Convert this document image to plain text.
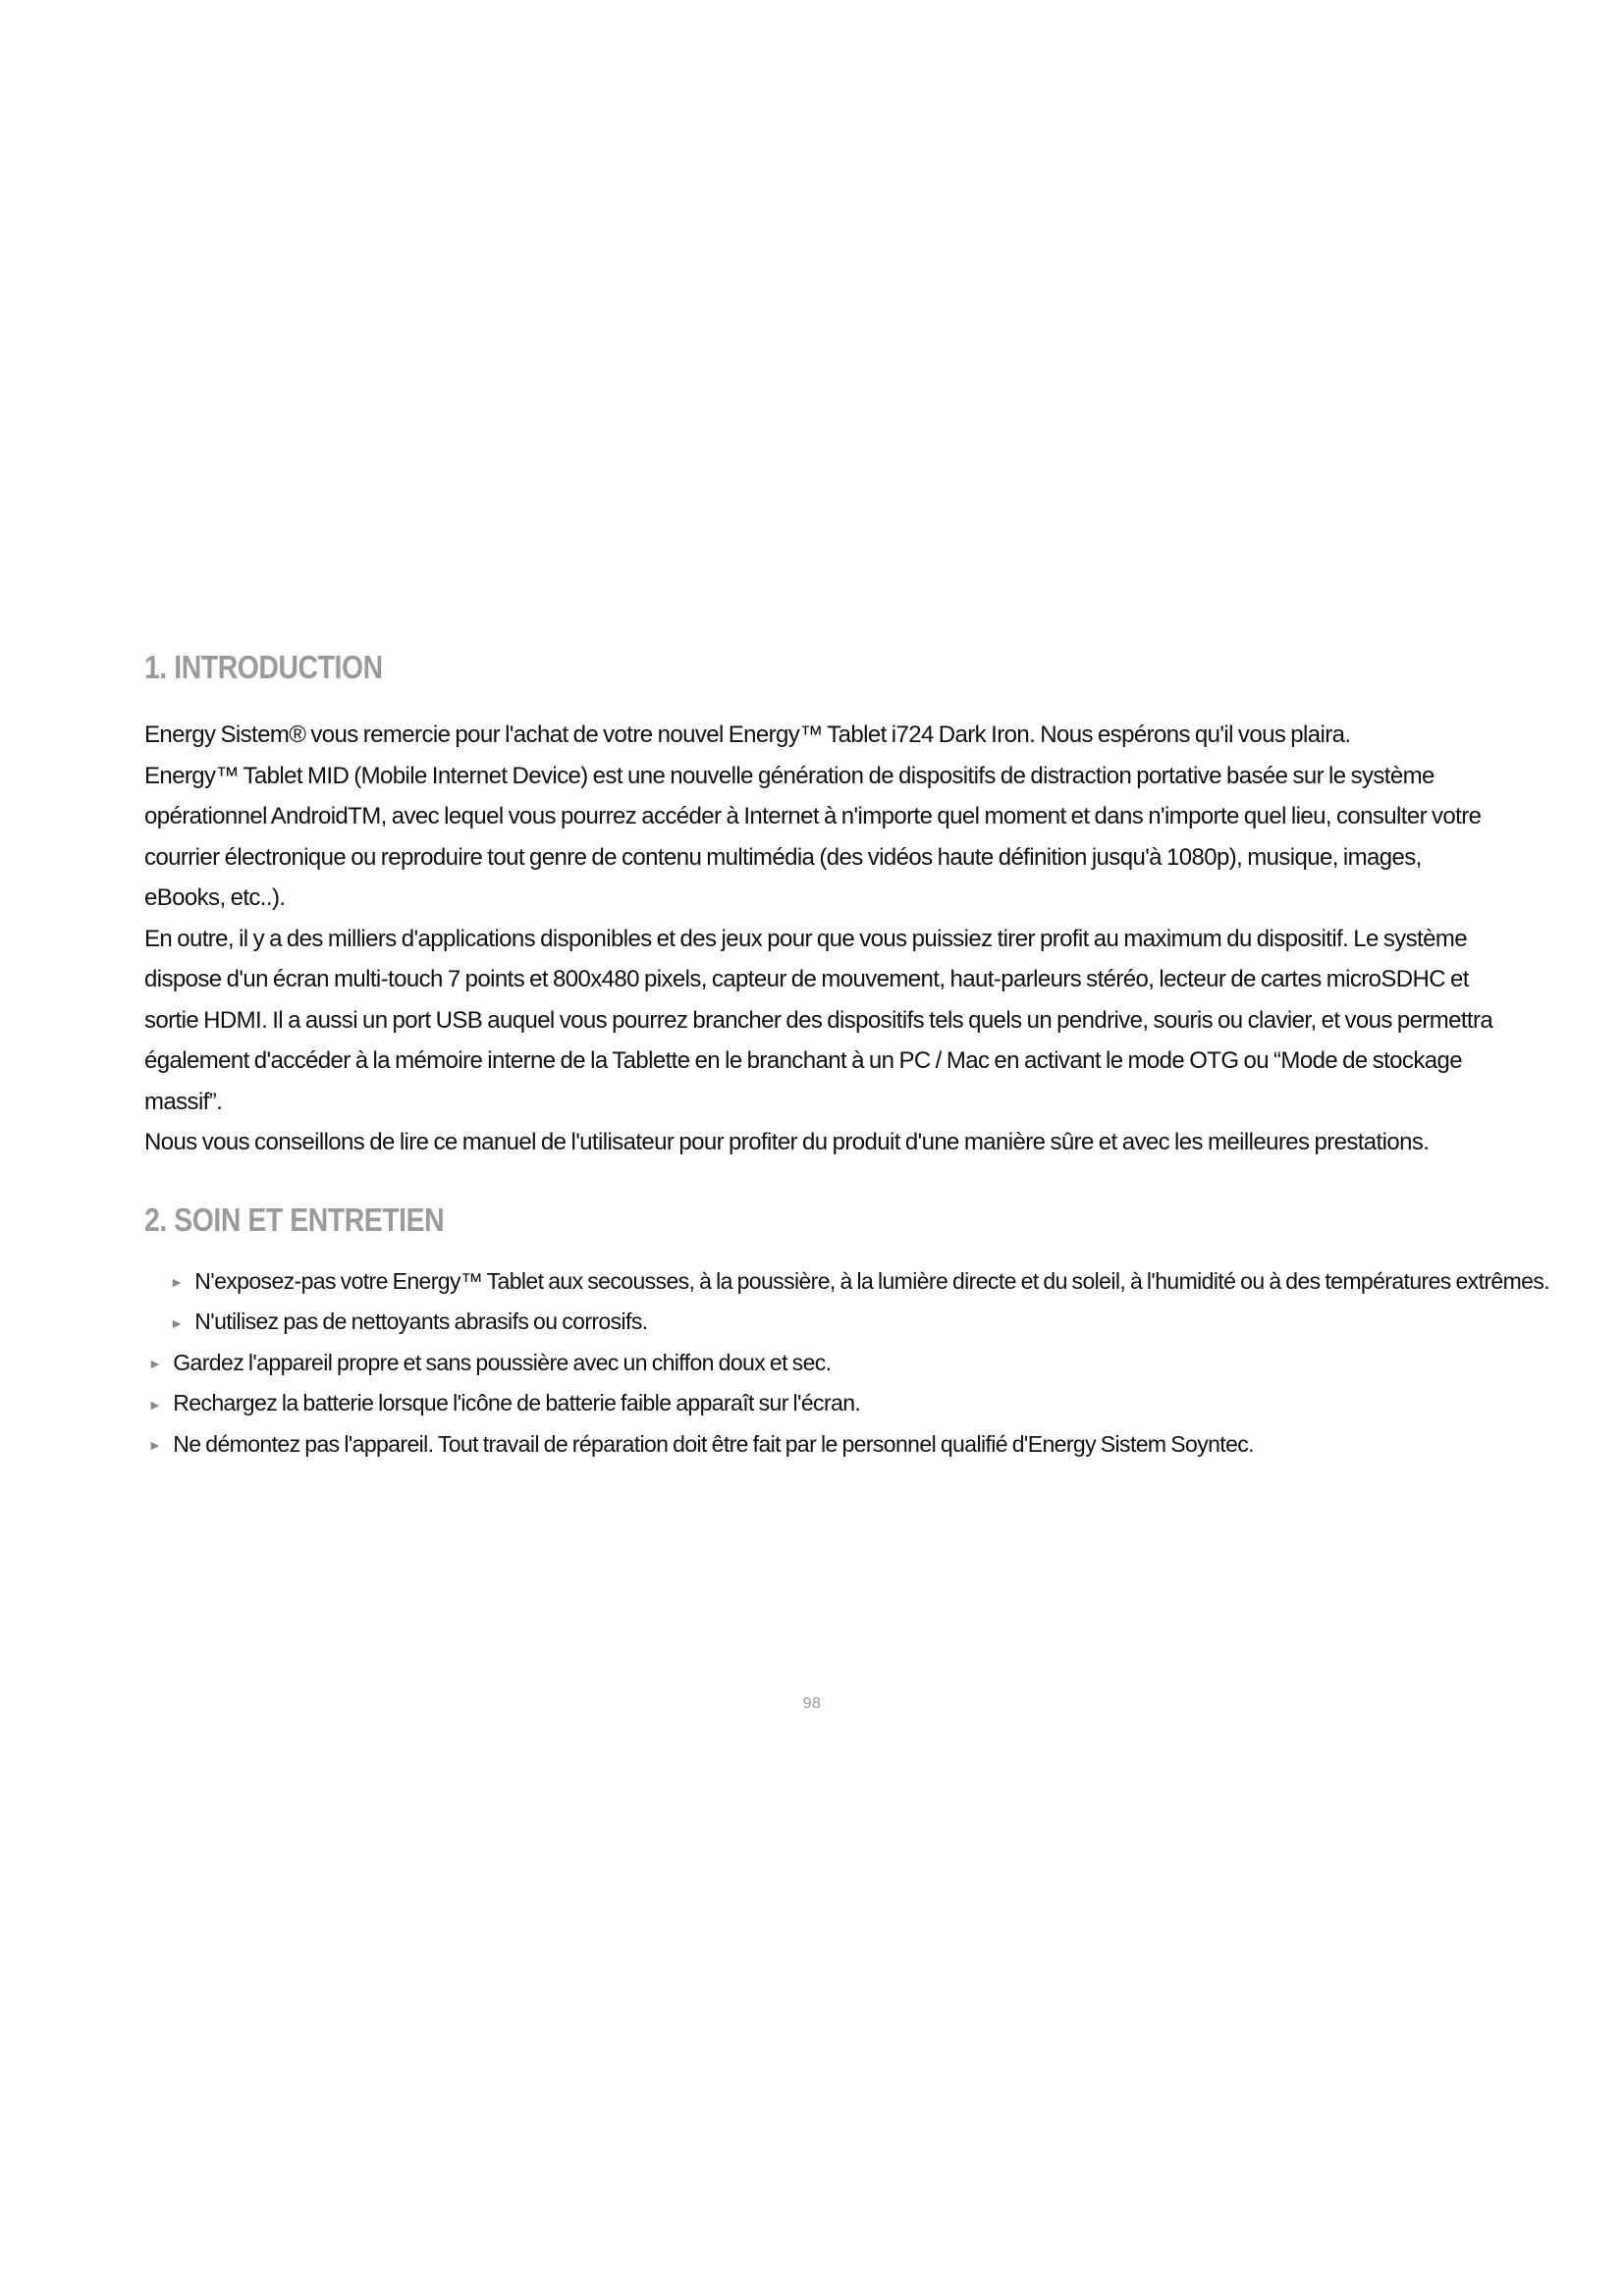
1. INTRODUCTION

Energy Sistem® vous remercie pour l'achat de votre nouvel Energy™ Tablet i724 Dark Iron. Nous espérons qu'il vous plaira.

Energy™ Tablet MID (Mobile Internet Device) est une nouvelle génération de dispositifs de distraction portative basée sur le système opérationnel AndroidTM, avec lequel vous pourrez accéder à Internet à n'importe quel moment et dans n'importe quel lieu, consulter votre courrier électronique ou reproduire tout genre de contenu multimédia (des vidéos haute définition jusqu'à 1080p), musique, images, eBooks, etc..).

En outre, il y a des milliers d'applications disponibles et des jeux pour que vous puissiez tirer profit au maximum du dispositif. Le système dispose d'un écran multi-touch 7 points et 800x480 pixels, capteur de mouvement, haut-parleurs stéréo, lecteur de cartes microSDHC et sortie HDMI. Il a aussi un port USB auquel vous pourrez brancher des dispositifs tels quels un pendrive, souris ou clavier, et vous permettra également d'accéder à la mémoire interne de la Tablette en le branchant à un PC / Mac en activant le mode OTG ou “Mode de stockage massif”.

Nous vous conseillons de lire ce manuel de l'utilisateur pour profiter du produit d'une manière sûre et avec les meilleures prestations.

2. SOIN ET ENTRETIEN
► N'exposez-pas votre Energy™ Tablet aux secousses, à la poussière, à la lumière directe et du soleil, à l'humidité ou à des températures extrêmes.
► N'utilisez pas de nettoyants abrasifs ou corrosifs.
► Gardez l'appareil propre et sans poussière avec un chiffon doux et sec.
► Rechargez la batterie lorsque l'icône de batterie faible apparaît sur l'écran.
► Ne démontez pas l'appareil. Tout travail de réparation doit être fait par le personnel qualifié d'Energy Sistem Soyntec.
98
